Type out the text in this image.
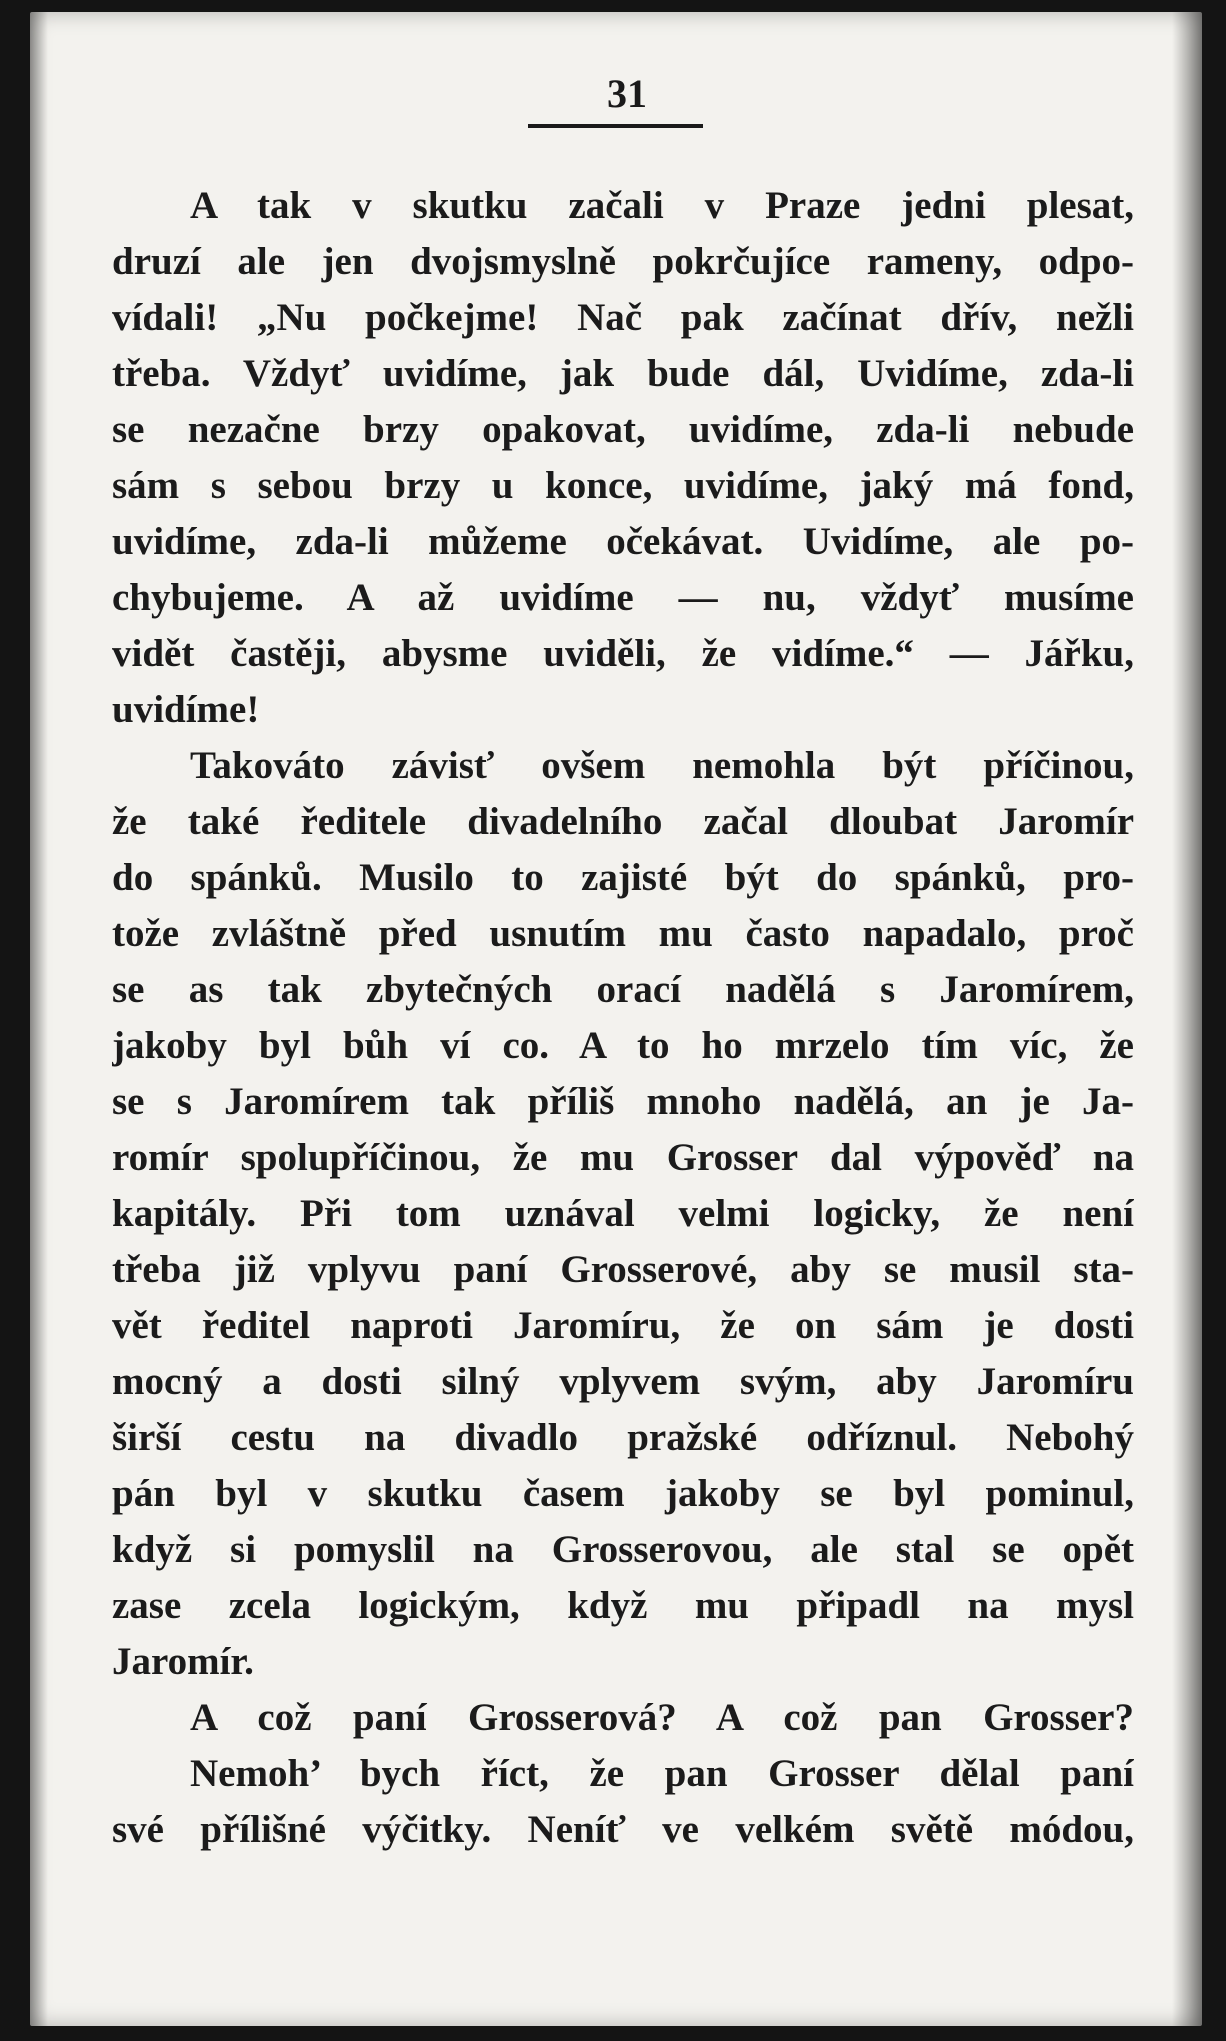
31
A tak v skutku začali v Praze jedni plesat,
druzí ale jen dvojsmyslně pokrčujíce rameny, odpo-
vídali! „Nu počkejme! Nač pak začínat dřív, nežli
třeba. Vždyť uvidíme, jak bude dál, Uvidíme, zda-li
se nezačne brzy opakovat, uvidíme, zda-li nebude
sám s sebou brzy u konce, uvidíme, jaký má fond,
uvidíme, zda-li můžeme očekávat. Uvidíme, ale po-
chybujeme. A až uvidíme — nu, vždyť musíme
vidět častěji, abysme uviděli, že vidíme.“ — Jářku,
uvidíme!
Takováto závisť ovšem nemohla být příčinou,
že také ředitele divadelního začal dloubat Jaromír
do spánků. Musilo to zajisté být do spánků, pro-
tože zvláštně před usnutím mu často napadalo, proč
se as tak zbytečných orací nadělá s Jaromírem,
jakoby byl bůh ví co. A to ho mrzelo tím víc, že
se s Jaromírem tak příliš mnoho nadělá, an je Ja-
romír spolupříčinou, že mu Grosser dal výpověď na
kapitály. Při tom uznával velmi logicky, že není
třeba již vplyvu paní Grosserové, aby se musil sta-
vět ředitel naproti Jaromíru, že on sám je dosti
mocný a dosti silný vplyvem svým, aby Jaromíru
širší cestu na divadlo pražské odříznul. Nebohý
pán byl v skutku časem jakoby se byl pominul,
když si pomyslil na Grosserovou, ale stal se opět
zase zcela logickým, když mu připadl na mysl
Jaromír.
A což paní Grosserová? A což pan Grosser?
Nemoh’ bych říct, že pan Grosser dělal paní
své přílišné výčitky. Neníť ve velkém světě módou,
